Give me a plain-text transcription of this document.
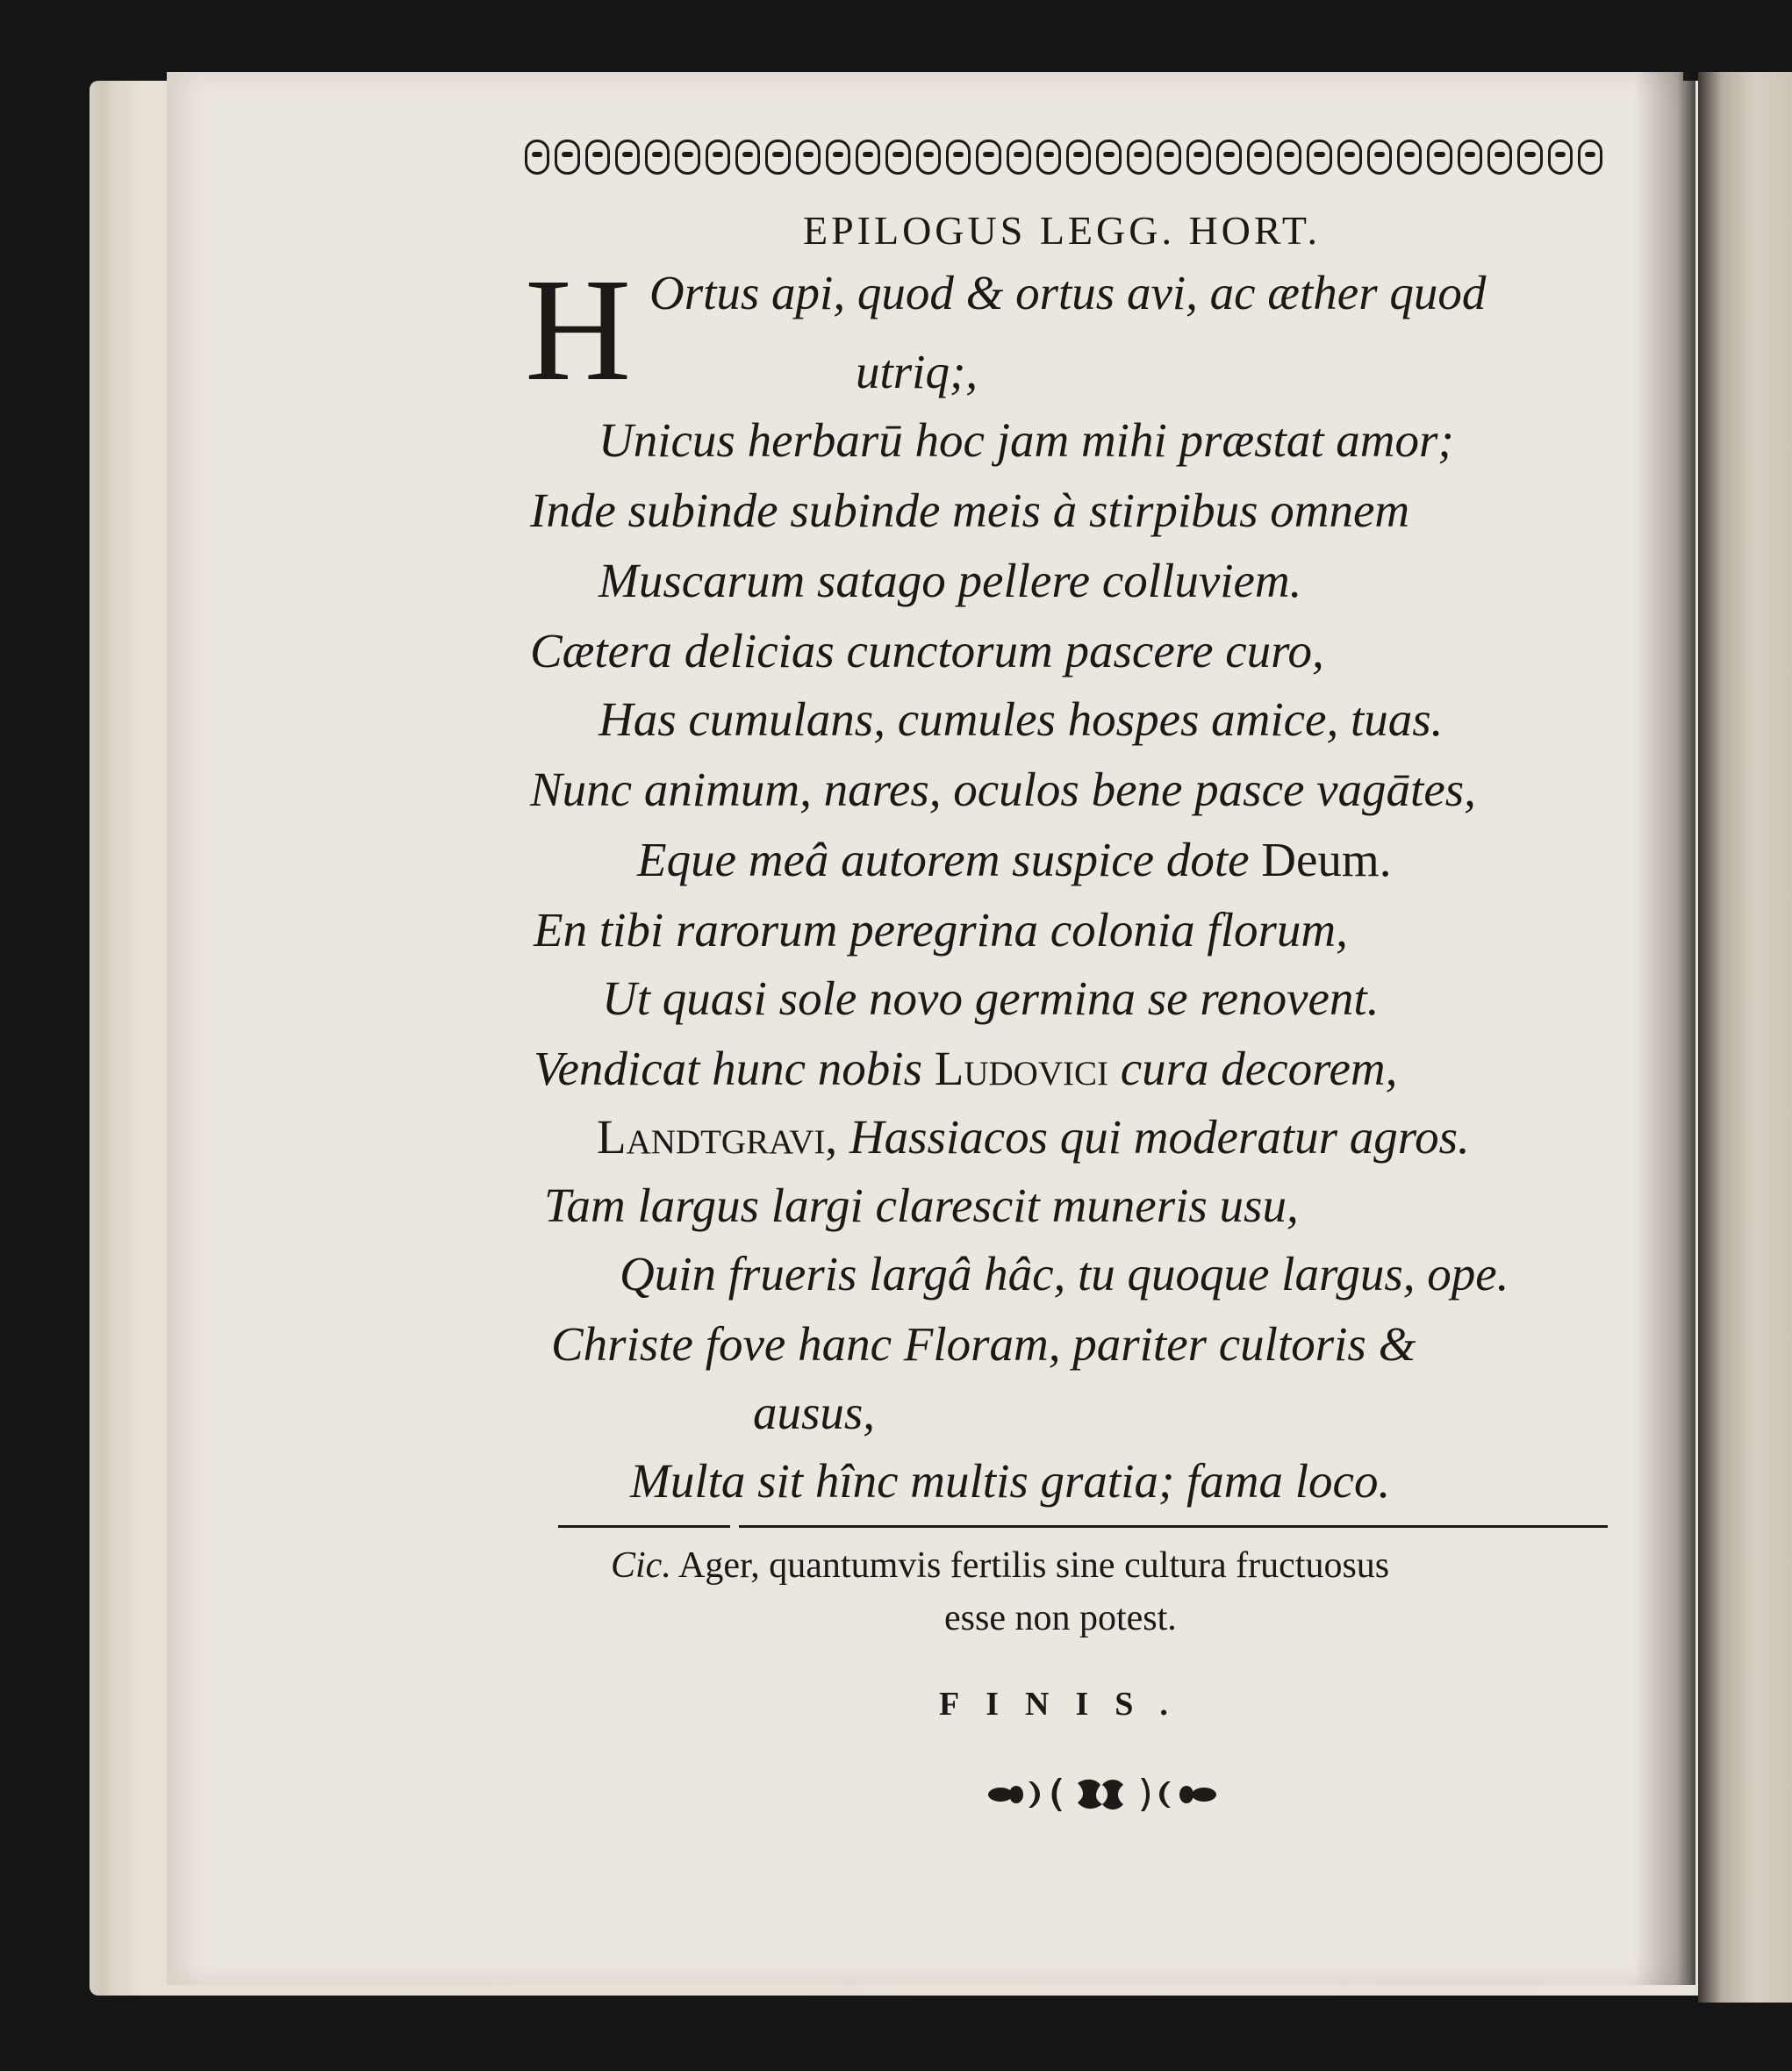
EPILOGUS LEGG. HORT.
H Ortus api, quod & ortus avi, ac æther quod
utriq;,
Unicus herbarū hoc jam mihi præstat amor;
Inde subinde subinde meis à stirpibus omnem
Muscarum satago pellere colluviem.
Cætera delicias cunctorum pascere curo,
Has cumulans, cumules hospes amice, tuas.
Nunc animum, nares, oculos bene pasce vagātes,
Eque meâ autorem suspice dote Deum.
En tibi rarorum peregrina colonia florum,
Ut quasi sole novo germina se renovent.
Vendicat hunc nobis Ludovici cura decorem,
Landtgravi, Hassiacos qui moderatur agros.
Tam largus largi clarescit muneris usu,
Quin frueris largâ hâc, tu quoque largus, ope.
Christe fove hanc Floram, pariter cultoris &
ausus,
Multa sit hînc multis gratia; fama loco.
Cic. Ager, quantumvis fertilis sine cultura fructuosus
esse non potest.
FINIS.
